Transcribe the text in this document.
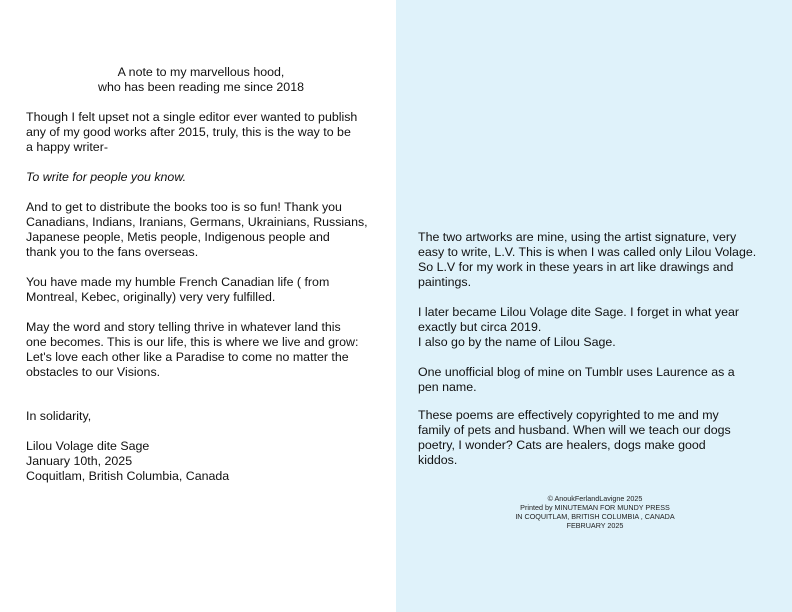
A note to my marvellous hood,
who has been reading me since 2018
Though I felt upset not a single editor ever wanted to publish
any of my good works after 2015, truly, this is the way to be
a happy writer-
To write for people you know.
And to get to distribute the books too is so fun! Thank you
Canadians, Indians, Iranians, Germans, Ukrainians, Russians,
Japanese people, Metis people, Indigenous people and
thank you to the fans overseas.
You have made my humble French Canadian life ( from
Montreal, Kebec, originally) very very fulfilled.
May the word and story telling thrive in whatever land this
one becomes. This is our life, this is where we live and grow:
Let's love each other like a Paradise to come no matter the
obstacles to our Visions.
In solidarity,
Lilou Volage dite Sage
January 10th, 2025
Coquitlam, British Columbia, Canada
The two artworks are mine, using the artist signature, very
easy to write, L.V. This is when I was called only Lilou Volage.
So L.V for my work in these years in art like drawings and
paintings.
I later became Lilou Volage dite Sage. I forget in what year
exactly but circa 2019.
I also go by the name of Lilou Sage.
One unofficial blog of mine on Tumblr uses Laurence as a
pen name.
These poems are effectively copyrighted to me and my
family of pets and husband. When will we teach our dogs
poetry, I wonder? Cats are healers, dogs make good
kiddos.
© AnoukFerlandLavigne 2025
Printed by MINUTEMAN FOR MUNDY PRESS
IN COQUITLAM, BRITISH COLUMBIA , CANADA
FEBRUARY 2025
